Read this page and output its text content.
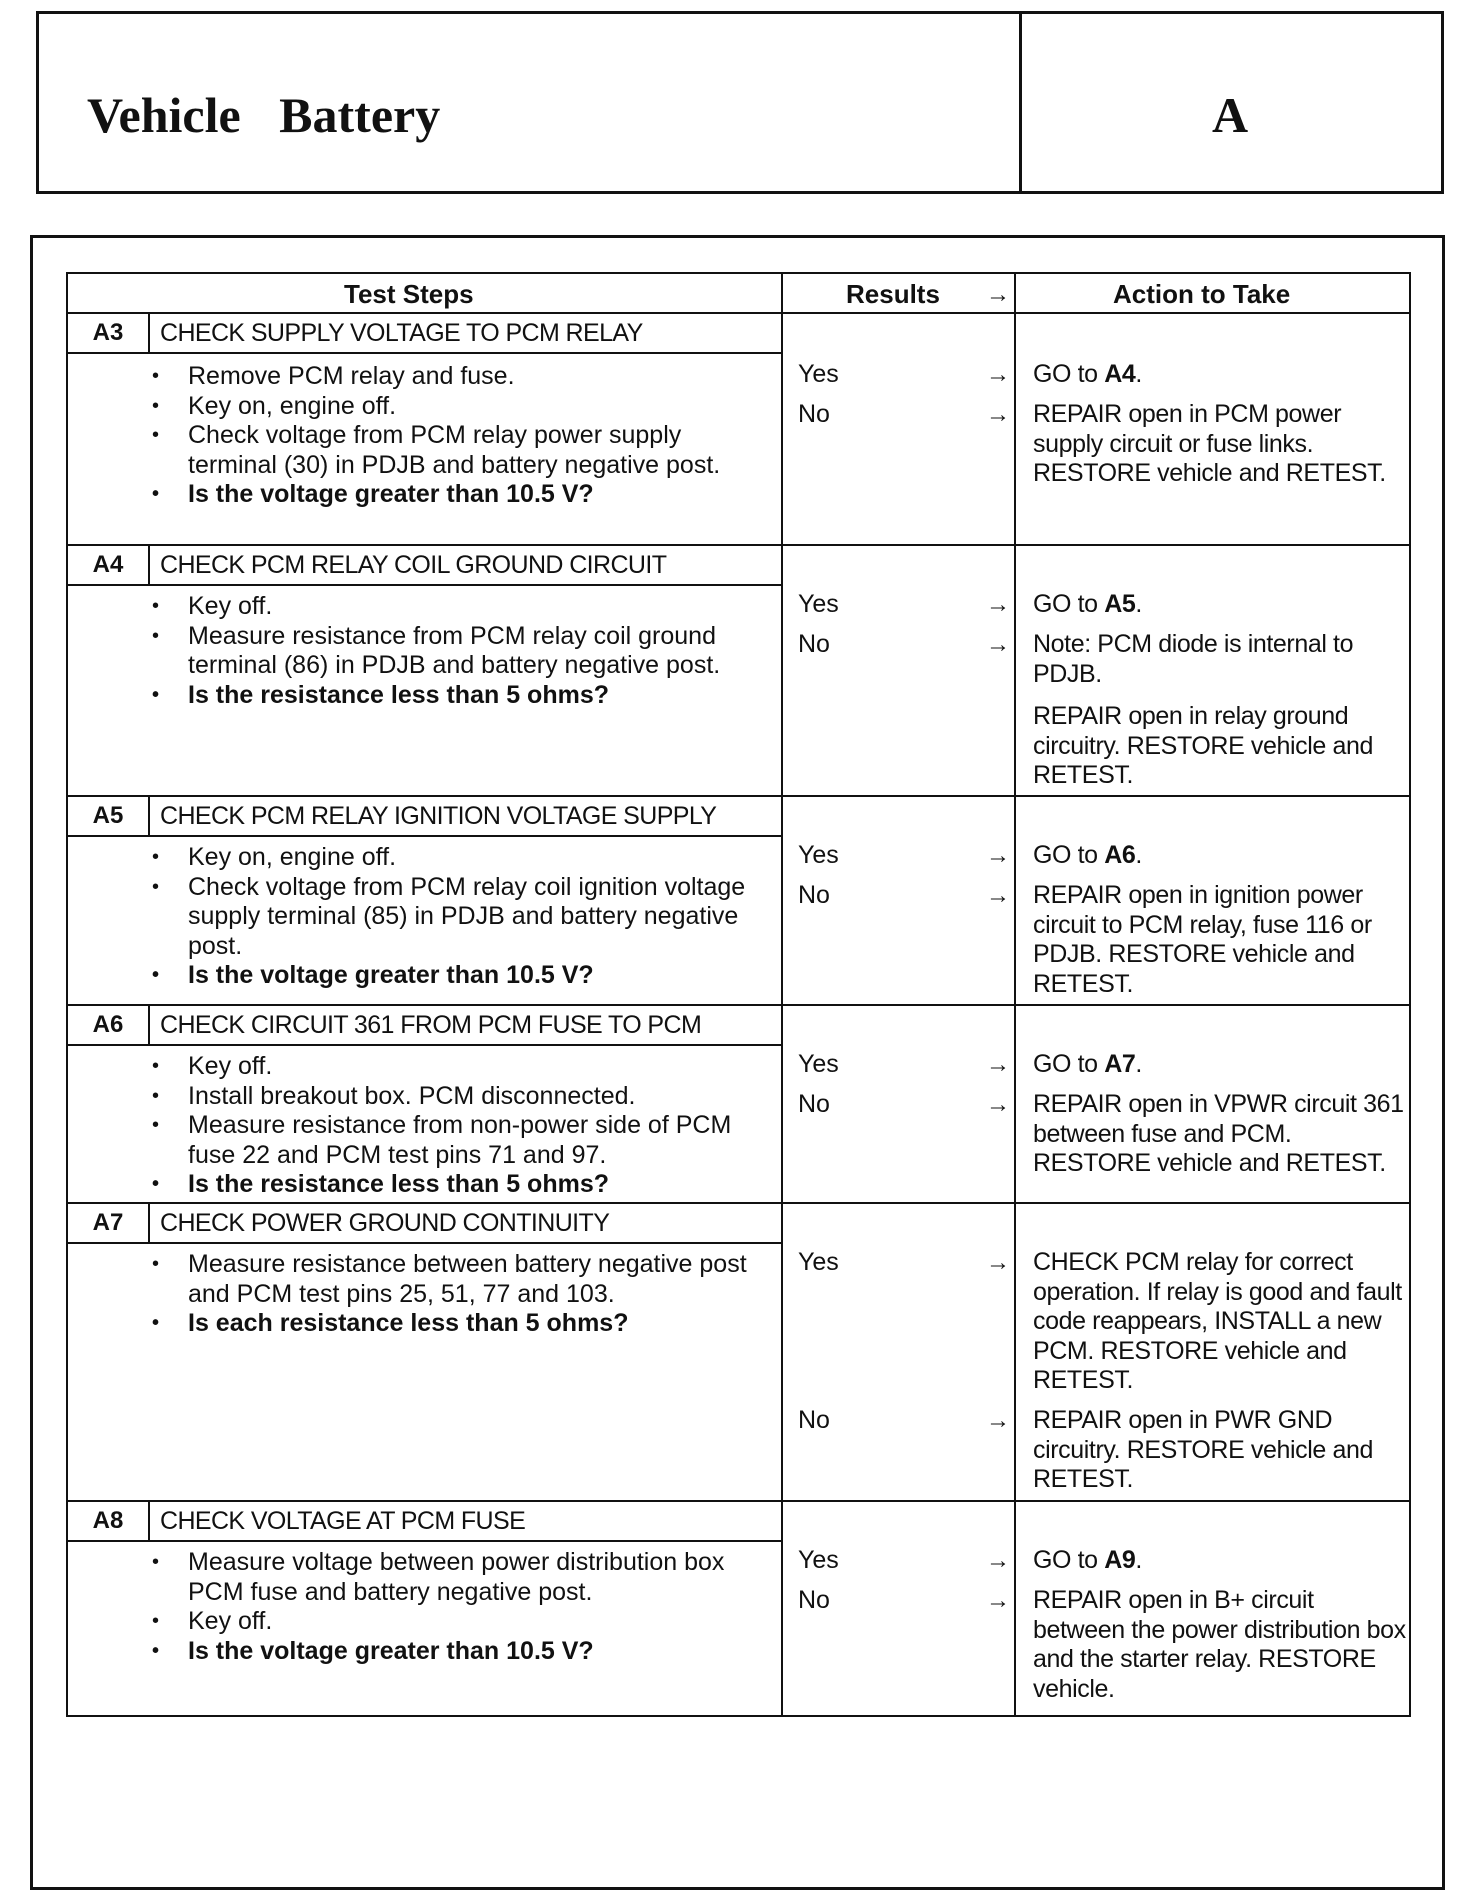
Vehicle Battery	A
Test Steps	Results →	Action to Take
A3	CHECK SUPPLY VOLTAGE TO PCM RELAY
• Remove PCM relay and fuse.
• Key on, engine off.
• Check voltage from PCM relay power supply terminal (30) in PDJB and battery negative post.
• Is the voltage greater than 10.5 V?
Yes	→ GO to A4.
No	→ REPAIR open in PCM power supply circuit or fuse links. RESTORE vehicle and RETEST.
A4	CHECK PCM RELAY COIL GROUND CIRCUIT
• Key off.
• Measure resistance from PCM relay coil ground terminal (86) in PDJB and battery negative post.
• Is the resistance less than 5 ohms?
Yes	→ GO to A5.
No	→ Note: PCM diode is internal to PDJB.
REPAIR open in relay ground circuitry. RESTORE vehicle and RETEST.
A5	CHECK PCM RELAY IGNITION VOLTAGE SUPPLY
• Key on, engine off.
• Check voltage from PCM relay coil ignition voltage supply terminal (85) in PDJB and battery negative post.
• Is the voltage greater than 10.5 V?
Yes	→ GO to A6.
No	→ REPAIR open in ignition power circuit to PCM relay, fuse 116 or PDJB. RESTORE vehicle and RETEST.
A6	CHECK CIRCUIT 361 FROM PCM FUSE TO PCM
• Key off.
• Install breakout box. PCM disconnected.
• Measure resistance from non-power side of PCM fuse 22 and PCM test pins 71 and 97.
• Is the resistance less than 5 ohms?
Yes	→ GO to A7.
No	→ REPAIR open in VPWR circuit 361 between fuse and PCM. RESTORE vehicle and RETEST.
A7	CHECK POWER GROUND CONTINUITY
• Measure resistance between battery negative post and PCM test pins 25, 51, 77 and 103.
• Is each resistance less than 5 ohms?
Yes	→ CHECK PCM relay for correct operation. If relay is good and fault code reappears, INSTALL a new PCM. RESTORE vehicle and RETEST.
No	→ REPAIR open in PWR GND circuitry. RESTORE vehicle and RETEST.
A8	CHECK VOLTAGE AT PCM FUSE
• Measure voltage between power distribution box PCM fuse and battery negative post.
• Key off.
• Is the voltage greater than 10.5 V?
Yes	→ GO to A9.
No	→ REPAIR open in B+ circuit between the power distribution box and the starter relay. RESTORE vehicle.
